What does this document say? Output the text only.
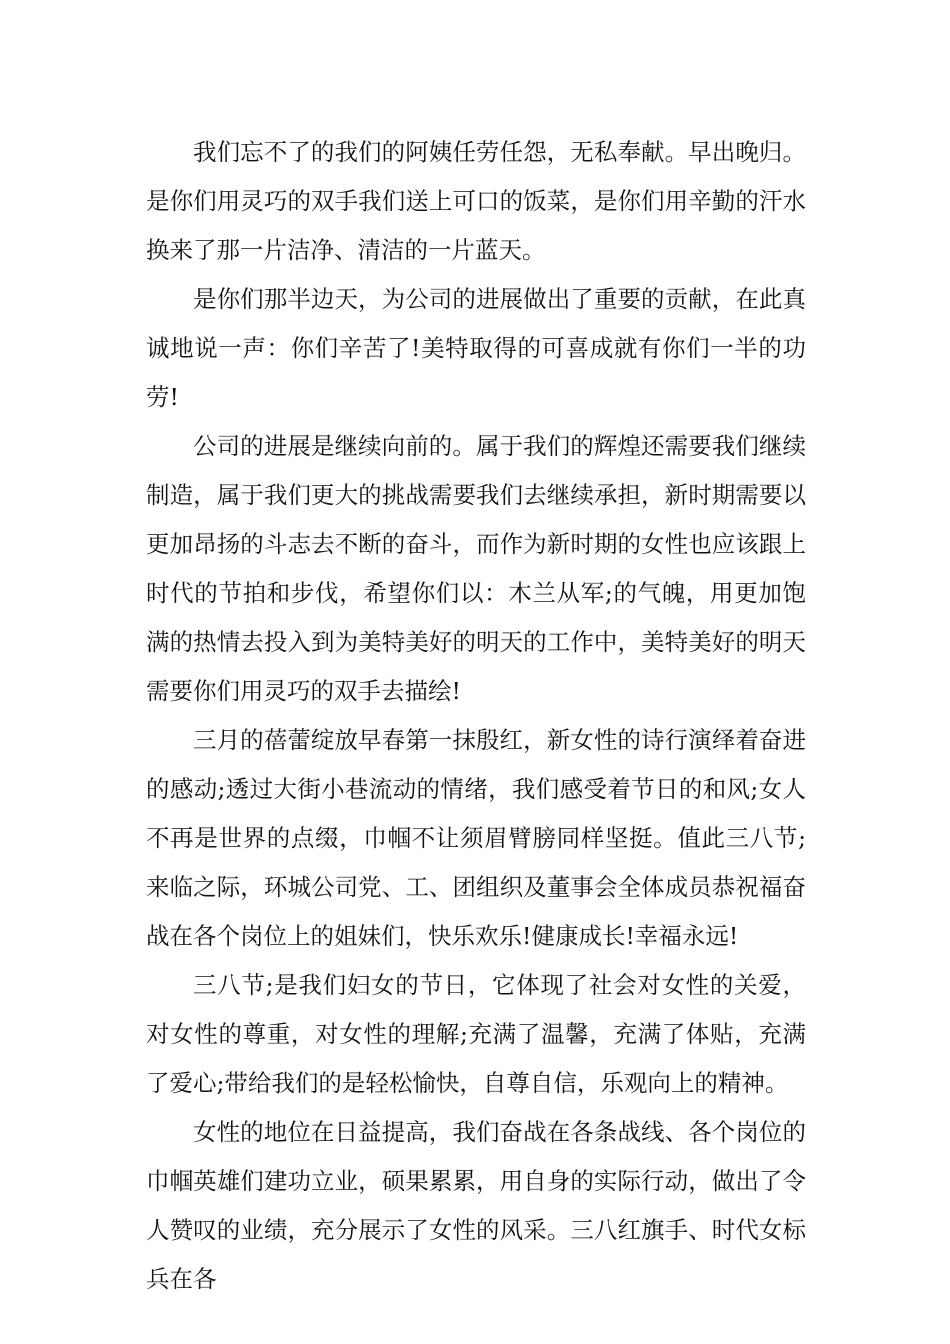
我们忘不了的我们的阿姨任劳任怨，无私奉献。早出晚归。是你们用灵巧的双手我们送上可口的饭菜，是你们用辛勤的汗水换来了那一片洁净、清洁的一片蓝天。

是你们那半边天，为公司的进展做出了重要的贡献，在此真诚地说一声：你们辛苦了!美特取得的可喜成就有你们一半的功劳!

公司的进展是继续向前的。属于我们的辉煌还需要我们继续制造，属于我们更大的挑战需要我们去继续承担，新时期需要以更加昂扬的斗志去不断的奋斗，而作为新时期的女性也应该跟上时代的节拍和步伐，希望你们以：木兰从军;的气魄，用更加饱满的热情去投入到为美特美好的明天的工作中，美特美好的明天需要你们用灵巧的双手去描绘!

三月的蓓蕾绽放早春第一抹殷红，新女性的诗行演绎着奋进的感动;透过大街小巷流动的情绪，我们感受着节日的和风;女人不再是世界的点缀，巾帼不让须眉臂膀同样坚挺。值此三八节;来临之际，环城公司党、工、团组织及董事会全体成员恭祝福奋战在各个岗位上的姐妹们，快乐欢乐!健康成长!幸福永远!

三八节;是我们妇女的节日，它体现了社会对女性的关爱，对女性的尊重，对女性的理解;充满了温馨，充满了体贴，充满了爱心;带给我们的是轻松愉快，自尊自信，乐观向上的精神。

女性的地位在日益提高，我们奋战在各条战线、各个岗位的巾帼英雄们建功立业，硕果累累，用自身的实际行动，做出了令人赞叹的业绩，充分展示了女性的风采。三八红旗手、时代女标兵在各
